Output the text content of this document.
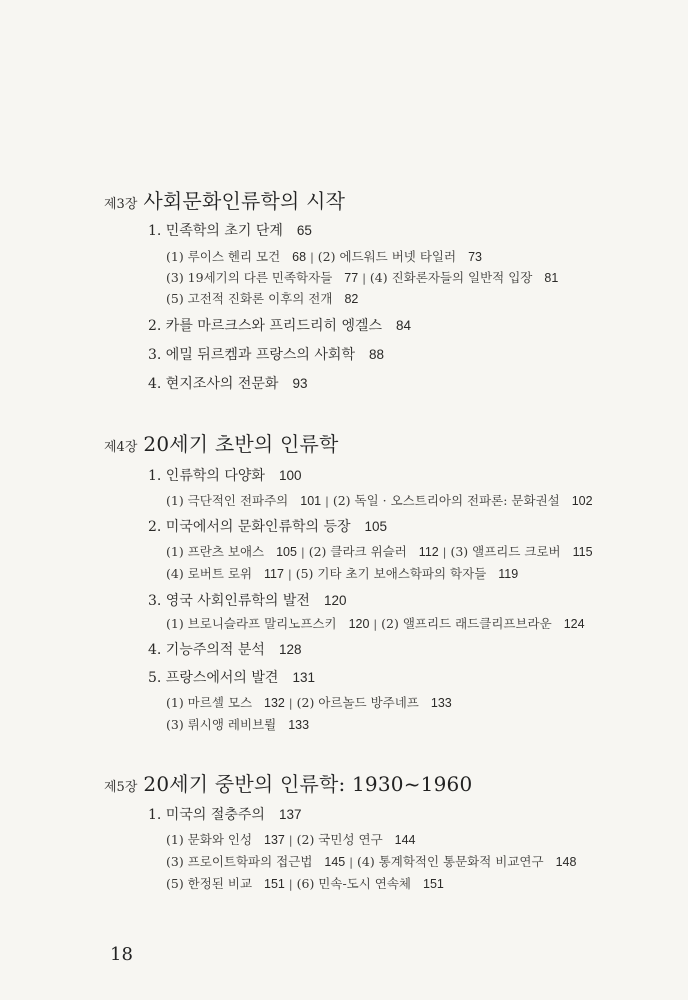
제3장 사회문화인류학의 시작
1. 민족학의 초기 단계 65
(1) 루이스 헨리 모건 68 | (2) 에드워드 버넷 타일러 73
(3) 19세기의 다른 민족학자들 77 | (4) 진화론자들의 일반적 입장 81
(5) 고전적 진화론 이후의 전개 82
2. 카를 마르크스와 프리드리히 엥겔스 84
3. 에밀 뒤르켐과 프랑스의 사회학 88
4. 현지조사의 전문화 93
제4장 20세기 초반의 인류학
1. 인류학의 다양화 100
(1) 극단적인 전파주의 101 | (2) 독일 · 오스트리아의 전파론: 문화권설 102
2. 미국에서의 문화인류학의 등장 105
(1) 프란츠 보애스 105 | (2) 클라크 위슬러 112 | (3) 앨프리드 크로버 115
(4) 로버트 로위 117 | (5) 기타 초기 보애스학파의 학자들 119
3. 영국 사회인류학의 발전 120
(1) 브로니슬라프 말리노프스키 120 | (2) 앨프리드 래드클리프브라운 124
4. 기능주의적 분석 128
5. 프랑스에서의 발견 131
(1) 마르셀 모스 132 | (2) 아르놀드 방주네프 133
(3) 뤼시앵 레비브륄 133
제5장 20세기 중반의 인류학: 1930~1960
1. 미국의 절충주의 137
(1) 문화와 인성 137 | (2) 국민성 연구 144
(3) 프로이트학파의 접근법 145 | (4) 통계학적인 통문화적 비교연구 148
(5) 한정된 비교 151 | (6) 민속-도시 연속체 151
18
